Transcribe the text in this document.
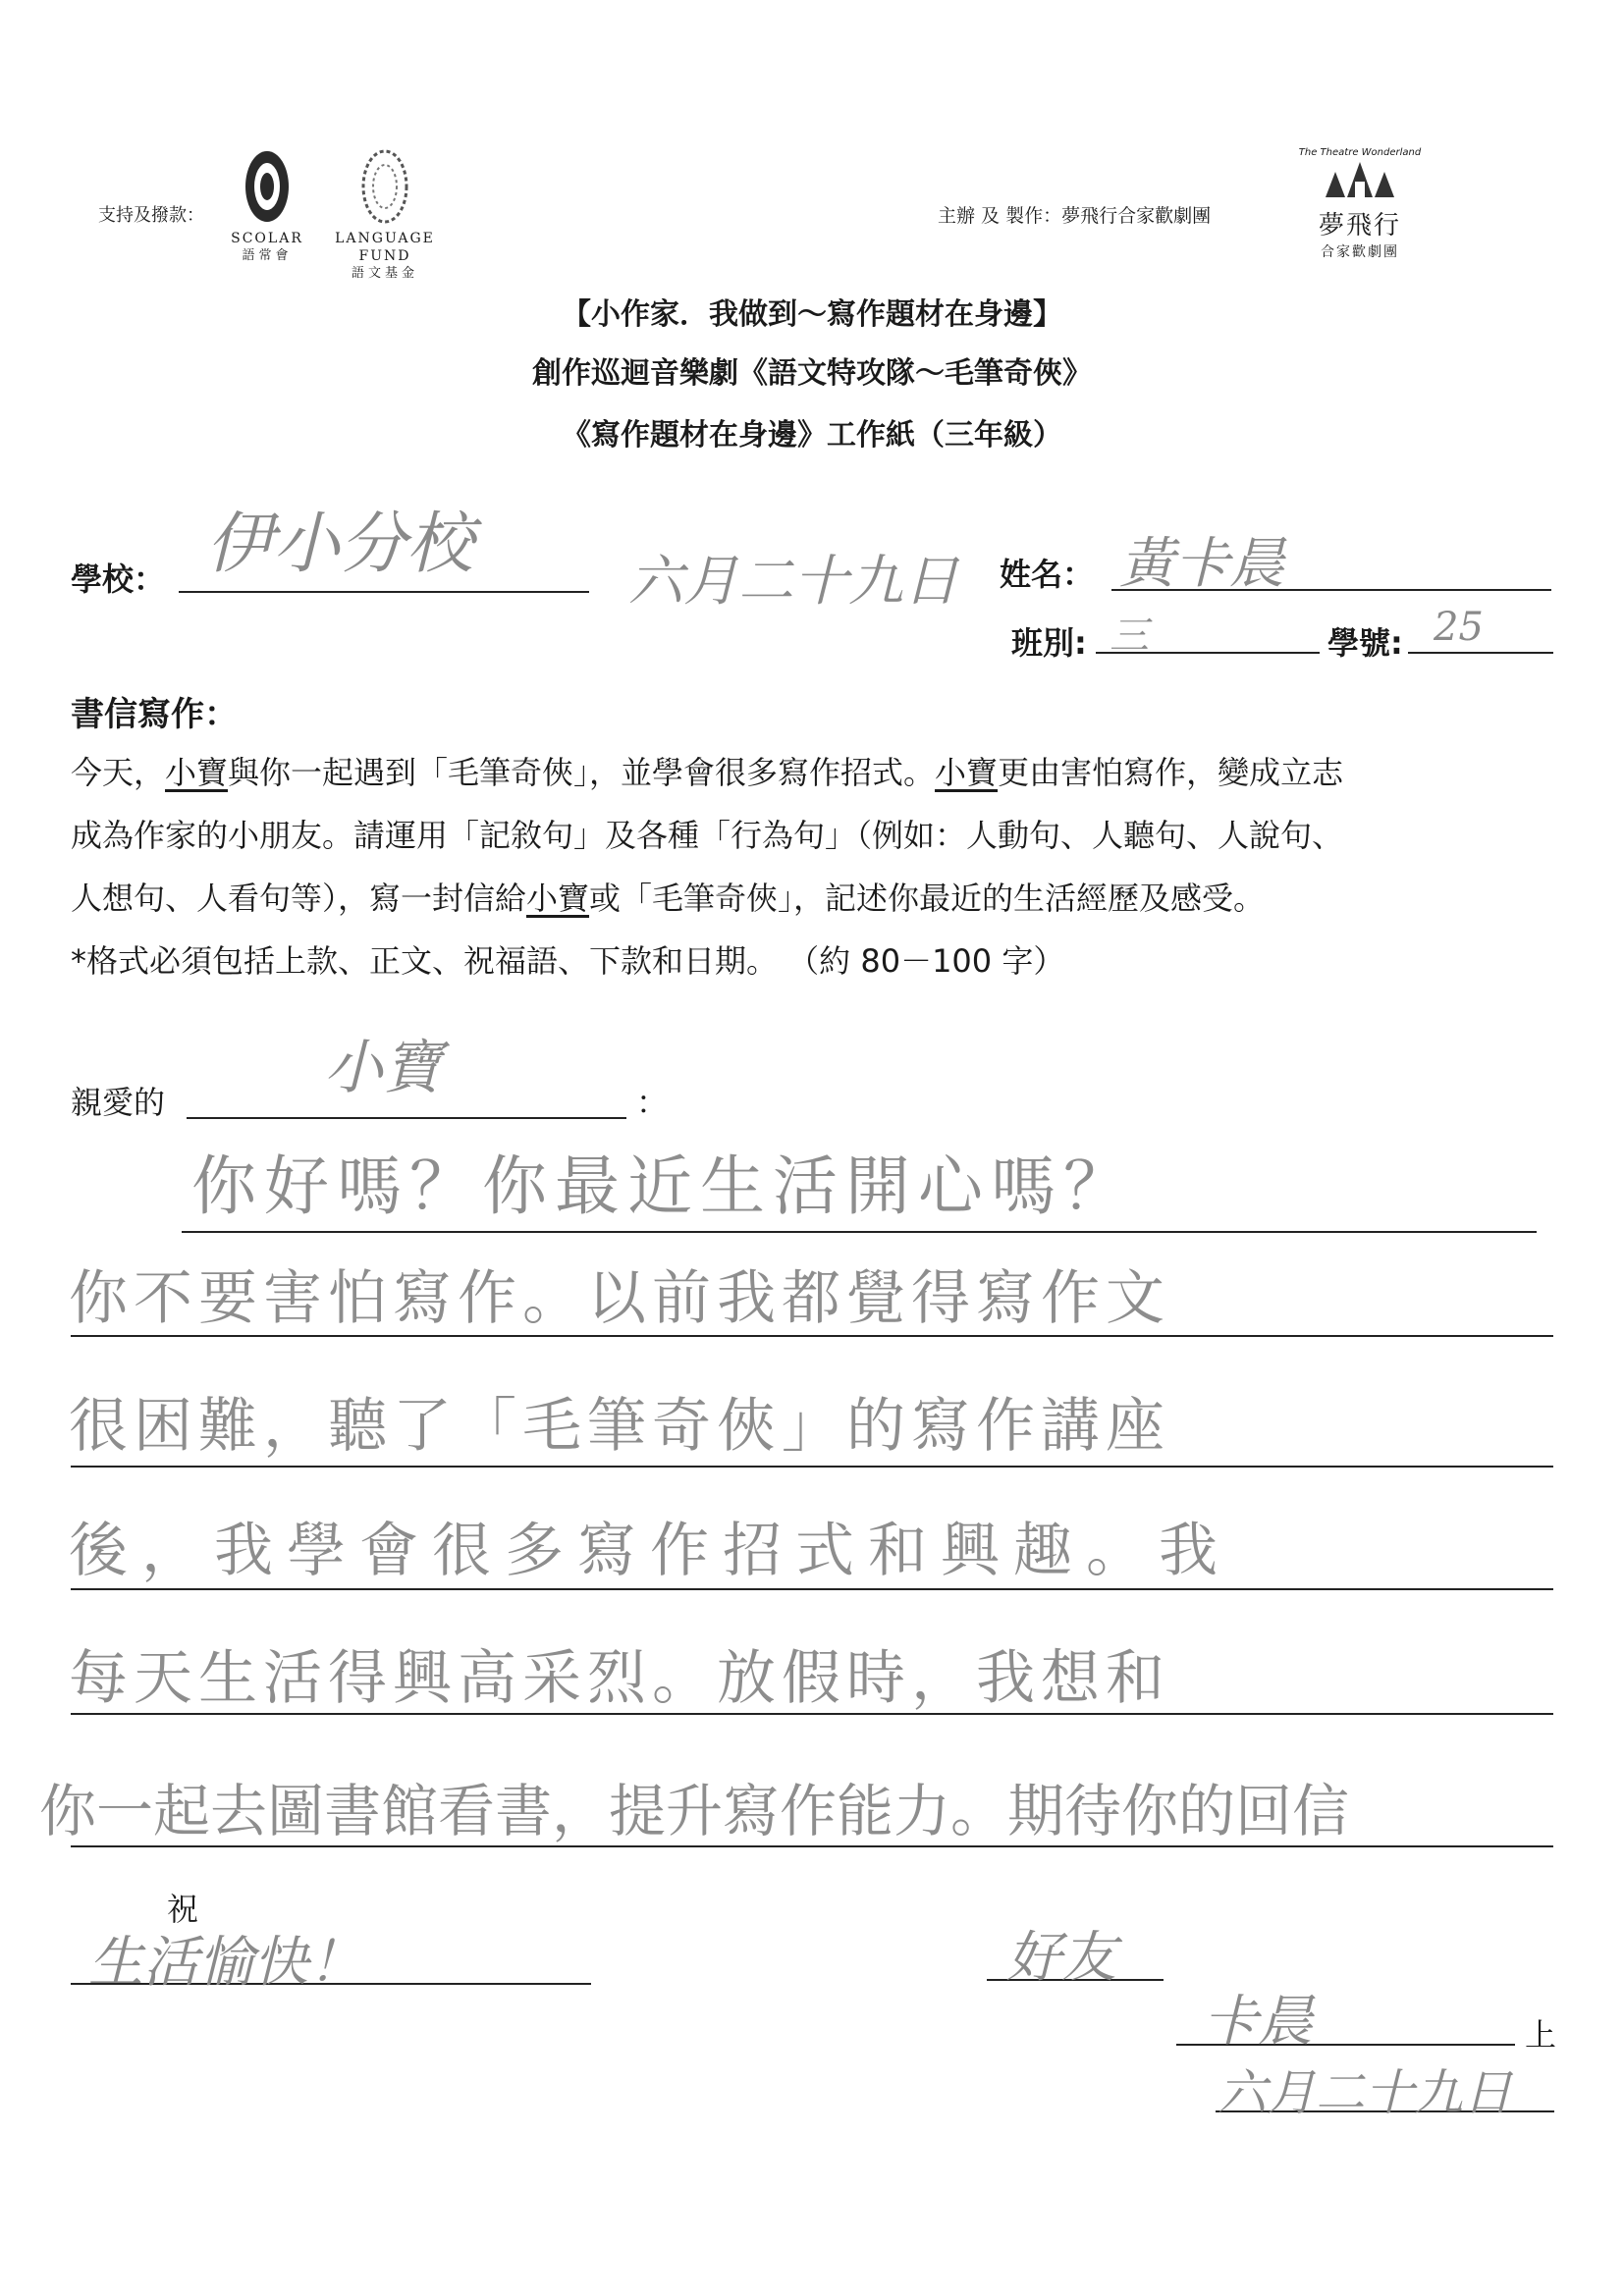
支持及撥款：
SCOLAR
語常會
LANGUAGE FUND
語文基金
主辦 及 製作：夢飛行合家歡劇團
The Theatre Wonderland
夢飛行
合家歡劇團
【小作家．我做到～寫作題材在身邊】
創作巡迴音樂劇《語文特攻隊～毛筆奇俠》
《寫作題材在身邊》工作紙（三年級）
學校： 伊小分校	六月二十九日 姓名： 黃卡晨
班別: 三	學號: 25
書信寫作：
今天，小寶與你一起遇到「毛筆奇俠」，並學會很多寫作招式。小寶更由害怕寫作，變成立志
成為作家的小朋友。請運用「記敘句」及各種「行為句」（例如：人動句、人聽句、人說句、
人想句、人看句等），寫一封信給小寶或「毛筆奇俠」，記述你最近的生活經歷及感受。
*格式必須包括上款、正文、祝福語、下款和日期。 （約 80－100 字）
親愛的	：
小寶
你好嗎？你最近生活開心嗎？
你不要害怕寫作。以前我都覺得寫作文
很困難，聽了「毛筆奇俠」的寫作講座
後，我學會很多寫作招式和興趣。我
每天生活得興高采烈。放假時，我想和
你一起去圖書館看書，提升寫作能力。期待你的回信
祝
生活愉快！	好友
卡晨	上
六月二十九日
